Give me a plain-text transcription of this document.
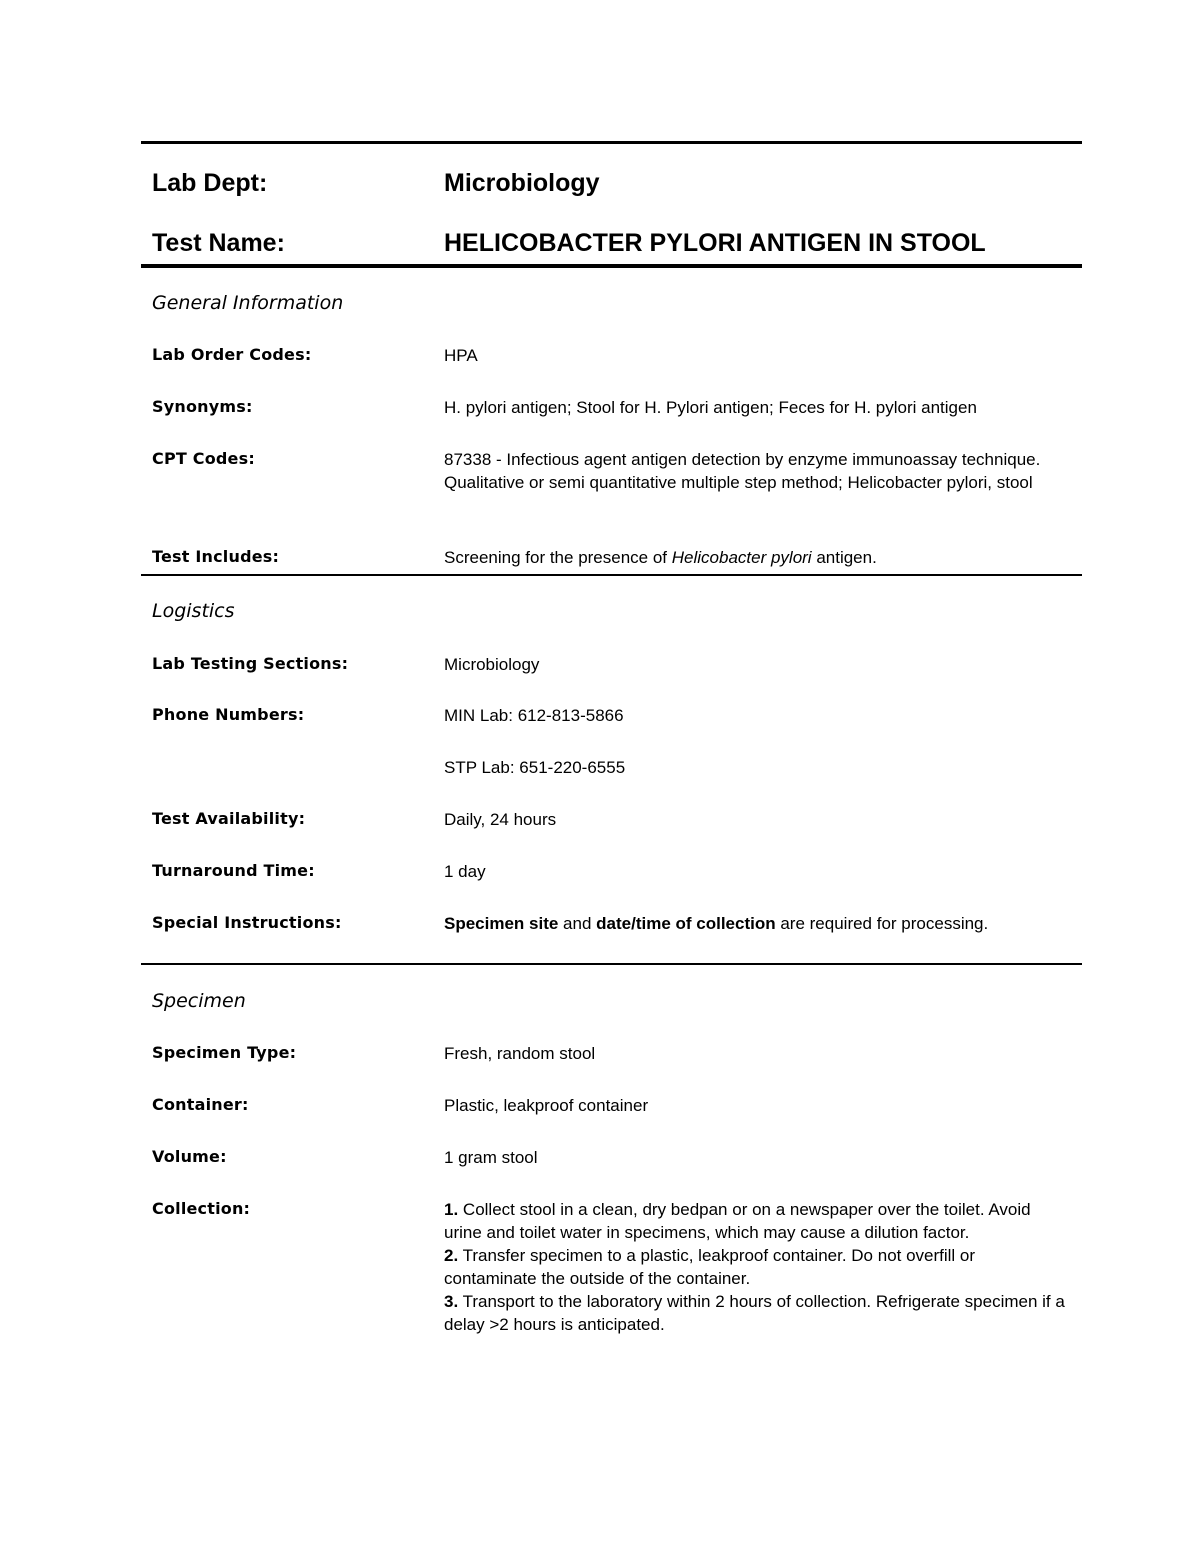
Lab Dept:	Microbiology
Test Name:	HELICOBACTER PYLORI ANTIGEN IN STOOL
General Information
Lab Order Codes:	HPA
Synonyms:	H. pylori antigen; Stool for H. Pylori antigen; Feces for H. pylori antigen
CPT Codes:	87338 - Infectious agent antigen detection by enzyme immunoassay technique. Qualitative or semi quantitative multiple step method; Helicobacter pylori, stool
Test Includes:	Screening for the presence of Helicobacter pylori antigen.
Logistics
Lab Testing Sections:	Microbiology
Phone Numbers:	MIN Lab: 612-813-5866
STP Lab: 651-220-6555
Test Availability:	Daily, 24 hours
Turnaround Time:	1 day
Special Instructions:	Specimen site and date/time of collection are required for processing.
Specimen
Specimen Type:	Fresh, random stool
Container:	Plastic, leakproof container
Volume:	1 gram stool
Collection:	1. Collect stool in a clean, dry bedpan or on a newspaper over the toilet. Avoid urine and toilet water in specimens, which may cause a dilution factor.
2. Transfer specimen to a plastic, leakproof container. Do not overfill or contaminate the outside of the container.
3. Transport to the laboratory within 2 hours of collection. Refrigerate specimen if a delay >2 hours is anticipated.
